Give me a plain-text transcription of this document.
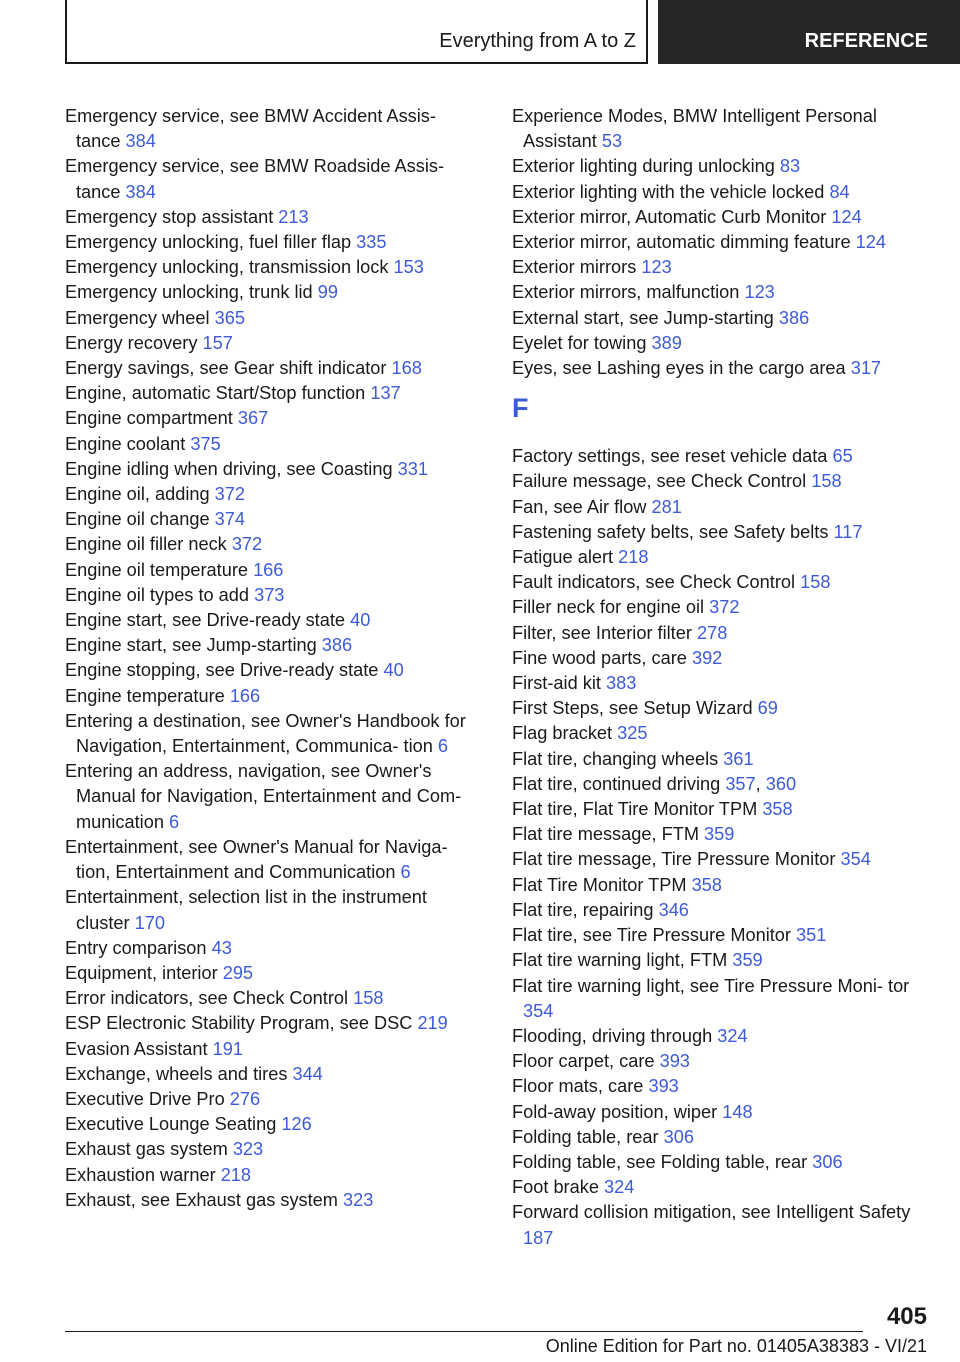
Everything from A to Z	REFERENCE
Emergency service, see BMW Accident Assis‐ tance 384
Emergency service, see BMW Roadside Assis‐ tance 384
Emergency stop assistant 213
Emergency unlocking, fuel filler flap 335
Emergency unlocking, transmission lock 153
Emergency unlocking, trunk lid 99
Emergency wheel 365
Energy recovery 157
Energy savings, see Gear shift indicator 168
Engine, automatic Start/Stop function 137
Engine compartment 367
Engine coolant 375
Engine idling when driving, see Coasting 331
Engine oil, adding 372
Engine oil change 374
Engine oil filler neck 372
Engine oil temperature 166
Engine oil types to add 373
Engine start, see Drive-ready state 40
Engine start, see Jump-starting 386
Engine stopping, see Drive-ready state 40
Engine temperature 166
Entering a destination, see Owner's Handbook for Navigation, Entertainment, Communica‐ tion 6
Entering an address, navigation, see Owner's Manual for Navigation, Entertainment and Com‐ munication 6
Entertainment, see Owner's Manual for Naviga‐ tion, Entertainment and Communication 6
Entertainment, selection list in the instrument cluster 170
Entry comparison 43
Equipment, interior 295
Error indicators, see Check Control 158
ESP Electronic Stability Program, see DSC 219
Evasion Assistant 191
Exchange, wheels and tires 344
Executive Drive Pro 276
Executive Lounge Seating 126
Exhaust gas system 323
Exhaustion warner 218
Exhaust, see Exhaust gas system 323
Experience Modes, BMW Intelligent Personal Assistant 53
Exterior lighting during unlocking 83
Exterior lighting with the vehicle locked 84
Exterior mirror, Automatic Curb Monitor 124
Exterior mirror, automatic dimming feature 124
Exterior mirrors 123
Exterior mirrors, malfunction 123
External start, see Jump-starting 386
Eyelet for towing 389
Eyes, see Lashing eyes in the cargo area 317
F
Factory settings, see reset vehicle data 65
Failure message, see Check Control 158
Fan, see Air flow 281
Fastening safety belts, see Safety belts 117
Fatigue alert 218
Fault indicators, see Check Control 158
Filler neck for engine oil 372
Filter, see Interior filter 278
Fine wood parts, care 392
First-aid kit 383
First Steps, see Setup Wizard 69
Flag bracket 325
Flat tire, changing wheels 361
Flat tire, continued driving 357, 360
Flat tire, Flat Tire Monitor TPM 358
Flat tire message, FTM 359
Flat tire message, Tire Pressure Monitor 354
Flat Tire Monitor TPM 358
Flat tire, repairing 346
Flat tire, see Tire Pressure Monitor 351
Flat tire warning light, FTM 359
Flat tire warning light, see Tire Pressure Moni‐ tor 354
Flooding, driving through 324
Floor carpet, care 393
Floor mats, care 393
Fold-away position, wiper 148
Folding table, rear 306
Folding table, see Folding table, rear 306
Foot brake 324
Forward collision mitigation, see Intelligent Safety 187
405
Online Edition for Part no. 01405A38383 - VI/21
